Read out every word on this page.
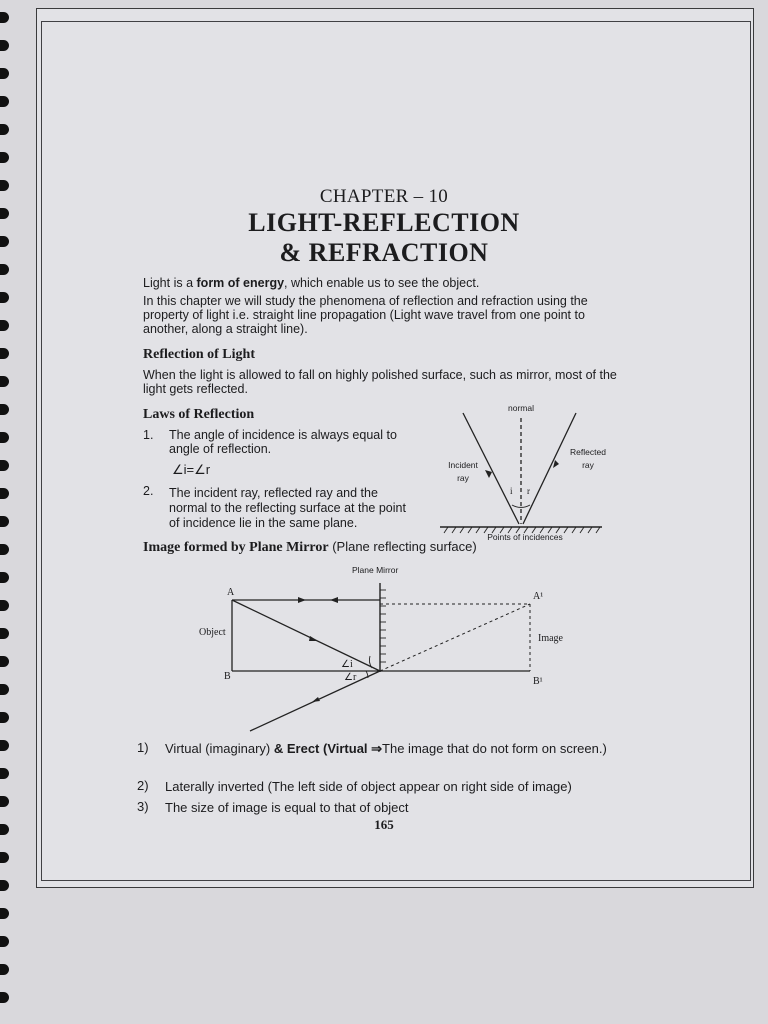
CHAPTER – 10
LIGHT-REFLECTION
& REFRACTION
Light is a form of energy, which enable us to see the object.
In this chapter we will study the phenomena of reflection and refraction using the property of light i.e. straight line propagation (Light wave travel from one point to another, along a straight line).
Reflection of Light
When the light is allowed to fall on highly polished surface, such as mirror, most of the light gets reflected.
Laws of Reflection
1. The angle of incidence is always equal to angle of reflection.
∠i=∠r
2. The incident ray, reflected ray and the normal to the reflecting surface at the point of incidence lie in the same plane.
normal
Incident ray
Reflected ray
Points of incidences
i r
Image formed by Plane Mirror (Plane reflecting surface)
Plane Mirror
A
B
A¹
B¹
Object
Image
∠i
∠r
1) Virtual (imaginary) & Erect (Virtual ⇒The image that do not form on screen.)
2) Laterally inverted (The left side of object appear on right side of image)
3) The size of image is equal to that of object
165
